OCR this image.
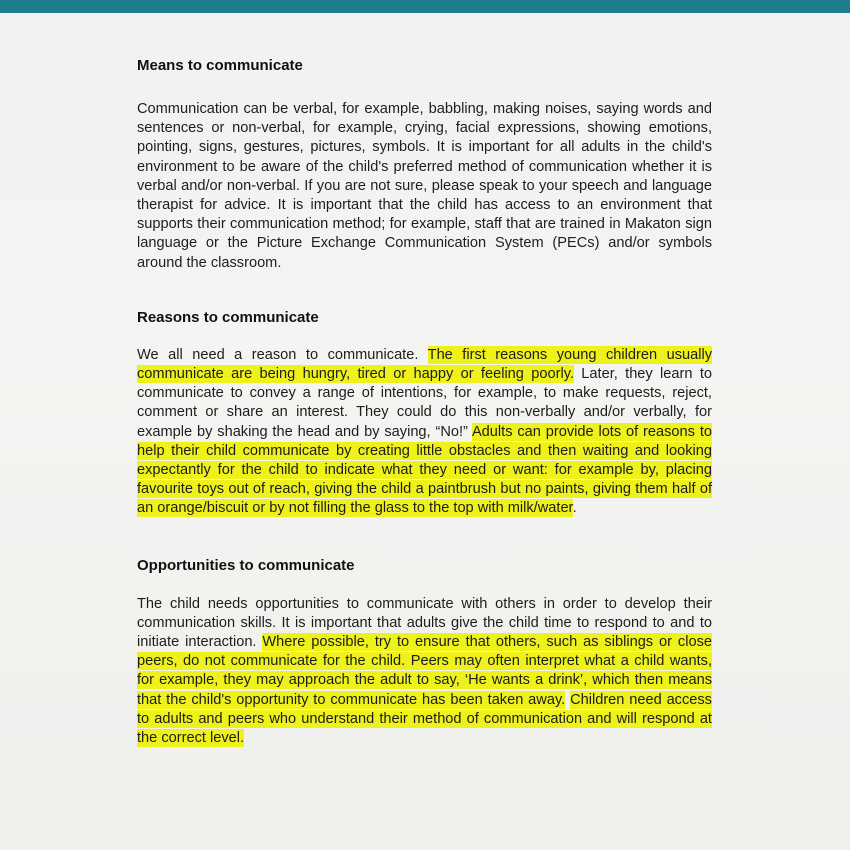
Means to communicate

Communication can be verbal, for example, babbling, making noises, saying words and sentences or non-verbal, for example, crying, facial expressions, showing emotions, pointing, signs, gestures, pictures, symbols. It is important for all adults in the child's environment to be aware of the child's preferred method of communication whether it is verbal and/or non-verbal. If you are not sure, please speak to your speech and language therapist for advice. It is important that the child has access to an environment that supports their communication method; for example, staff that are trained in Makaton sign language or the Picture Exchange Communication System (PECs) and/or symbols around the classroom.

Reasons to communicate

We all need a reason to communicate. The first reasons young children usually communicate are being hungry, tired or happy or feeling poorly. Later, they learn to communicate to convey a range of intentions, for example, to make requests, reject, comment or share an interest. They could do this non-verbally and/or verbally, for example by shaking the head and by saying, “No!” Adults can provide lots of reasons to help their child communicate by creating little obstacles and then waiting and looking expectantly for the child to indicate what they need or want: for example by, placing favourite toys out of reach, giving the child a paintbrush but no paints, giving them half of an orange/biscuit or by not filling the glass to the top with milk/water.

Opportunities to communicate

The child needs opportunities to communicate with others in order to develop their communication skills. It is important that adults give the child time to respond to and to initiate interaction. Where possible, try to ensure that others, such as siblings or close peers, do not communicate for the child. Peers may often interpret what a child wants, for example, they may approach the adult to say, ‘He wants a drink’, which then means that the child's opportunity to communicate has been taken away. Children need access to adults and peers who understand their method of communication and will respond at the correct level.
